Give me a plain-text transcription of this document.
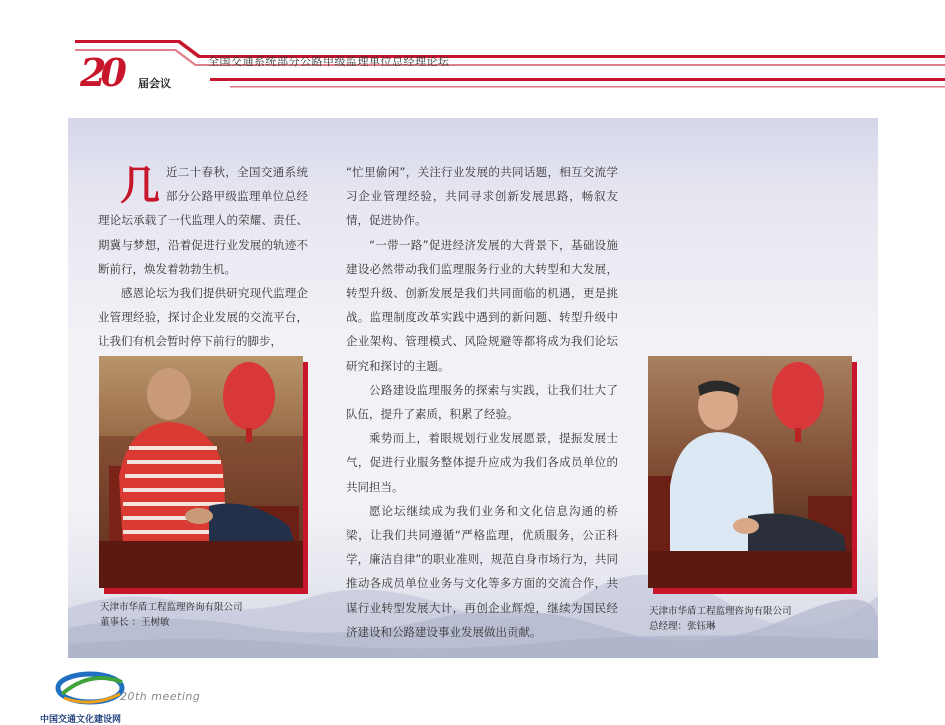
20 届会议
全国交通系统部分公路甲级监理单位总经理论坛
几 近二十春秋，全国交通系统部分公路甲级监理单位总经理论坛承载了一代监理人的荣耀、责任、期冀与梦想，沿着促进行业发展的轨迹不断前行，焕发着勃勃生机。

感恩论坛为我们提供研究现代监理企业管理经验，探讨企业发展的交流平台，让我们有机会暂时停下前行的脚步，

“忙里偷闲”，关注行业发展的共同话题，相互交流学习企业管理经验，共同寻求创新发展思路，畅叙友情，促进协作。

“一带一路”促进经济发展的大背景下，基础设施建设必然带动我们监理服务行业的大转型和大发展，转型升级、创新发展是我们共同面临的机遇，更是挑战。监理制度改革实践中遇到的新问题、转型升级中企业架构、管理模式、风险规避等都将成为我们论坛研究和探讨的主题。

公路建设监理服务的探索与实践，让我们壮大了队伍，提升了素质，积累了经验。

乘势而上，着眼规划行业发展愿景，提振发展士气，促进行业服务整体提升应成为我们各成员单位的共同担当。

愿论坛继续成为我们业务和文化信息沟通的桥梁，让我们共同遵循“严格监理，优质服务，公正科学，廉洁自律”的职业准则，规范自身市场行为，共同推动各成员单位业务与文化等多方面的交流合作，共谋行业转型发展大计，再创企业辉煌，继续为国民经济建设和公路建设事业发展做出贡献。

天津市华盾工程监理咨询有限公司
董事长 ：王树敏
天津市华盾工程监理咨询有限公司
总经理：张钰琳
20th meeting
中国交通文化建设网
